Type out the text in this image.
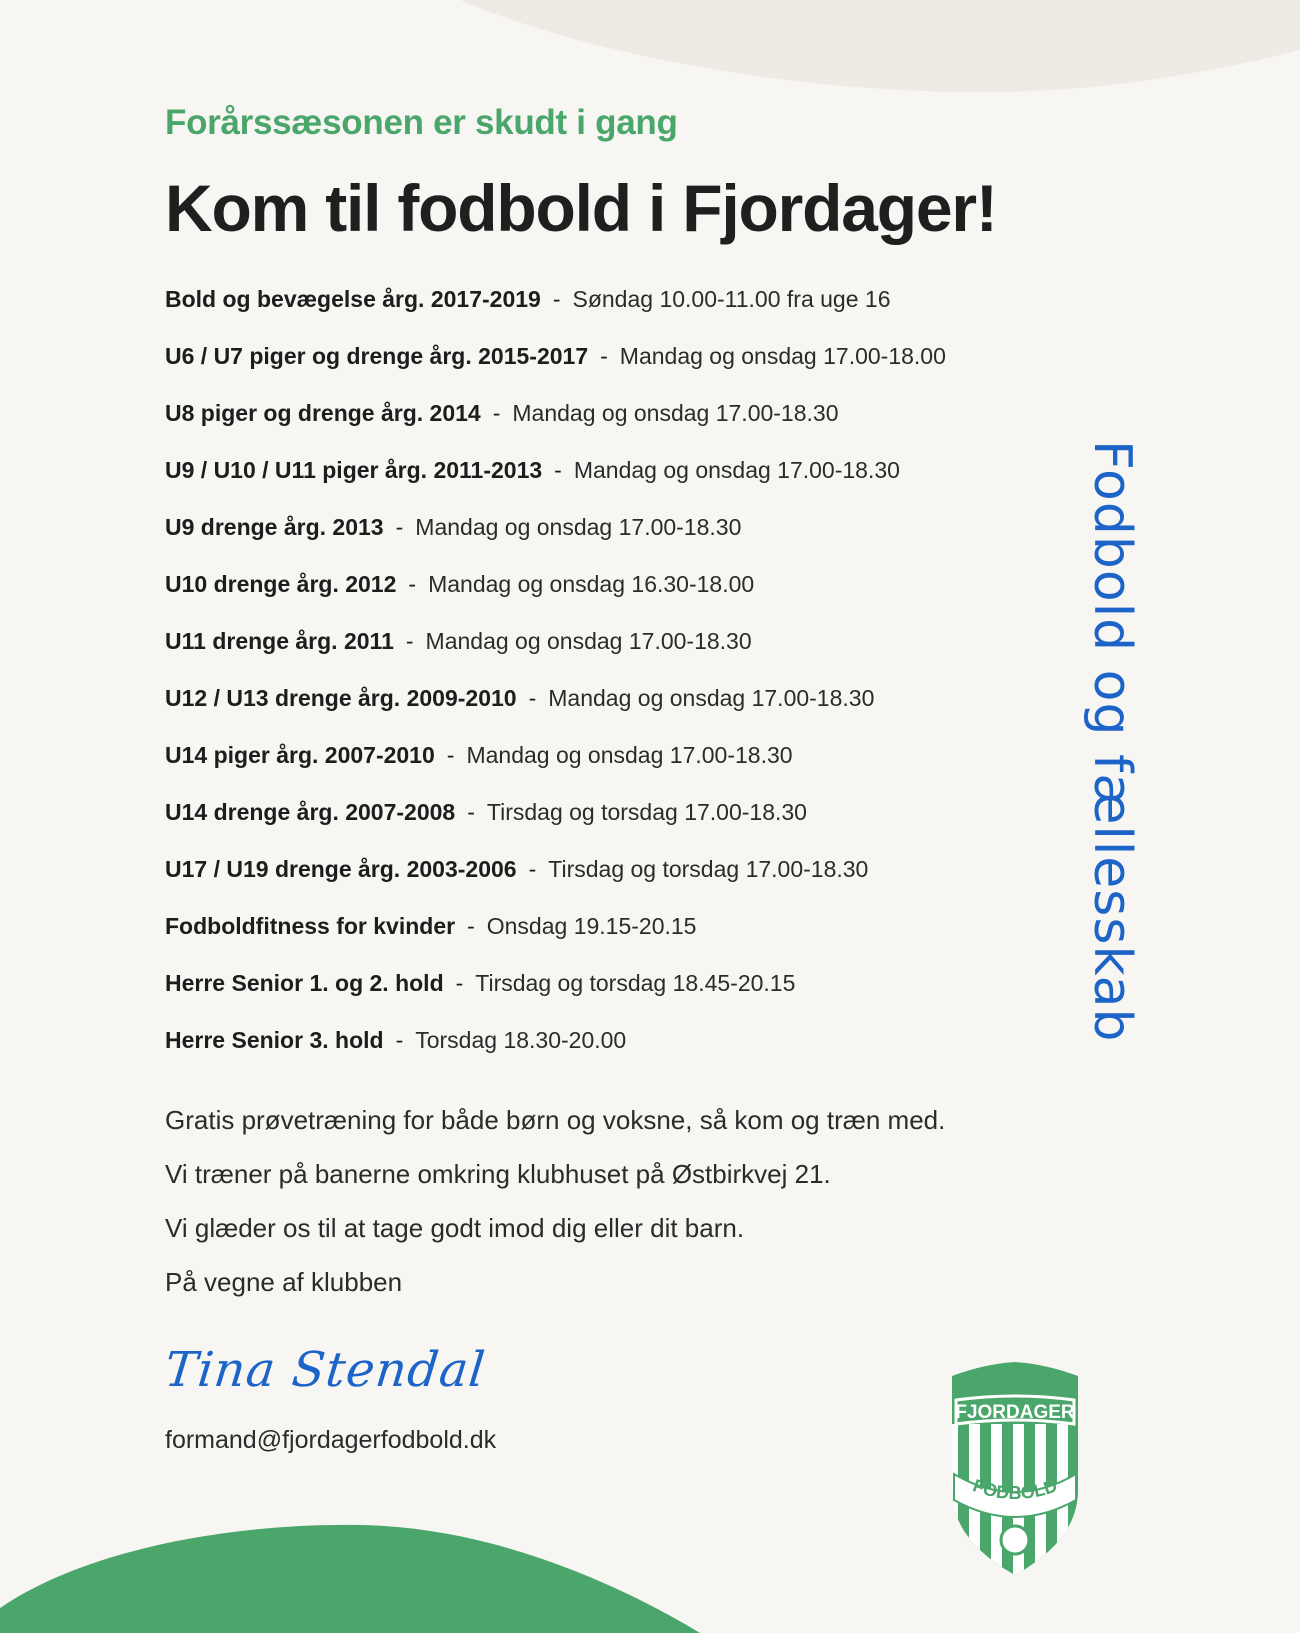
Forårssæsonen er skudt i gang
Kom til fodbold i Fjordager!
Bold og bevægelse årg. 2017-2019 - Søndag 10.00-11.00 fra uge 16
U6 / U7 piger og drenge årg. 2015-2017 - Mandag og onsdag 17.00-18.00
U8 piger og drenge årg. 2014 - Mandag og onsdag 17.00-18.30
U9 / U10 / U11 piger årg. 2011-2013 - Mandag og onsdag 17.00-18.30
U9 drenge årg. 2013 - Mandag og onsdag 17.00-18.30
U10 drenge årg. 2012 - Mandag og onsdag 16.30-18.00
U11 drenge årg. 2011 - Mandag og onsdag 17.00-18.30
U12 / U13 drenge årg. 2009-2010 - Mandag og onsdag 17.00-18.30
U14 piger årg. 2007-2010 - Mandag og onsdag 17.00-18.30
U14 drenge årg. 2007-2008 - Tirsdag og torsdag 17.00-18.30
U17 / U19 drenge årg. 2003-2006 - Tirsdag og torsdag 17.00-18.30
Fodboldfitness for kvinder - Onsdag 19.15-20.15
Herre Senior 1. og 2. hold - Tirsdag og torsdag 18.45-20.15
Herre Senior 3. hold - Torsdag 18.30-20.00

Gratis prøvetræning for både børn og voksne, så kom og træn med.

Vi træner på banerne omkring klubhuset på Østbirkvej 21.

Vi glæder os til at tage godt imod dig eller dit barn.

På vegne af klubben

Tina Stendal
formand@fjordagerfodbold.dk
Fodbold og fællesskab
FJORDAGER
FODBOLD
